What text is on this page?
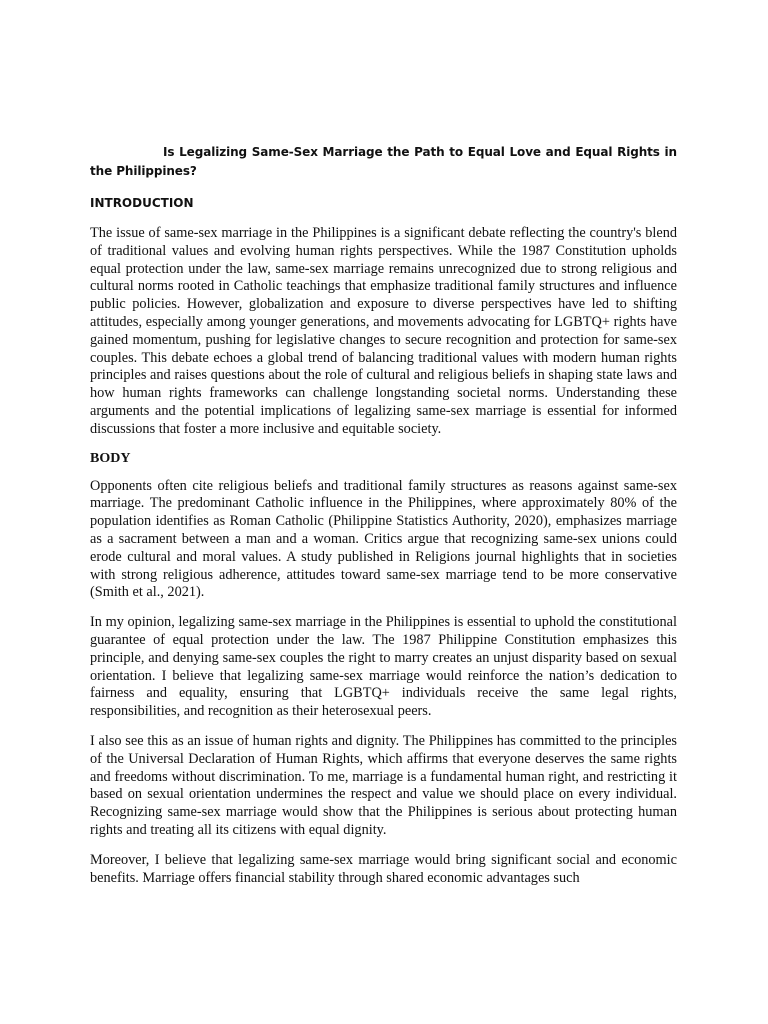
Is Legalizing Same-Sex Marriage the Path to Equal Love and Equal Rights in the Philippines?
INTRODUCTION

The issue of same-sex marriage in the Philippines is a significant debate reflecting the country's blend of traditional values and evolving human rights perspectives. While the 1987 Constitution upholds equal protection under the law, same-sex marriage remains unrecognized due to strong religious and cultural norms rooted in Catholic teachings that emphasize traditional family structures and influence public policies. However, globalization and exposure to diverse perspectives have led to shifting attitudes, especially among younger generations, and movements advocating for LGBTQ+ rights have gained momentum, pushing for legislative changes to secure recognition and protection for same-sex couples. This debate echoes a global trend of balancing traditional values with modern human rights principles and raises questions about the role of cultural and religious beliefs in shaping state laws and how human rights frameworks can challenge longstanding societal norms. Understanding these arguments and the potential implications of legalizing same-sex marriage is essential for informed discussions that foster a more inclusive and equitable society.

BODY

Opponents often cite religious beliefs and traditional family structures as reasons against same-sex marriage. The predominant Catholic influence in the Philippines, where approximately 80% of the population identifies as Roman Catholic (Philippine Statistics Authority, 2020), emphasizes marriage as a sacrament between a man and a woman. Critics argue that recognizing same-sex unions could erode cultural and moral values. A study published in Religions journal highlights that in societies with strong religious adherence, attitudes toward same-sex marriage tend to be more conservative (Smith et al., 2021).

In my opinion, legalizing same-sex marriage in the Philippines is essential to uphold the constitutional guarantee of equal protection under the law. The 1987 Philippine Constitution emphasizes this principle, and denying same-sex couples the right to marry creates an unjust disparity based on sexual orientation. I believe that legalizing same-sex marriage would reinforce the nation’s dedication to fairness and equality, ensuring that LGBTQ+ individuals receive the same legal rights, responsibilities, and recognition as their heterosexual peers.

I also see this as an issue of human rights and dignity. The Philippines has committed to the principles of the Universal Declaration of Human Rights, which affirms that everyone deserves the same rights and freedoms without discrimination. To me, marriage is a fundamental human right, and restricting it based on sexual orientation undermines the respect and value we should place on every individual. Recognizing same-sex marriage would show that the Philippines is serious about protecting human rights and treating all its citizens with equal dignity.

Moreover, I believe that legalizing same-sex marriage would bring significant social and economic benefits. Marriage offers financial stability through shared economic advantages such
